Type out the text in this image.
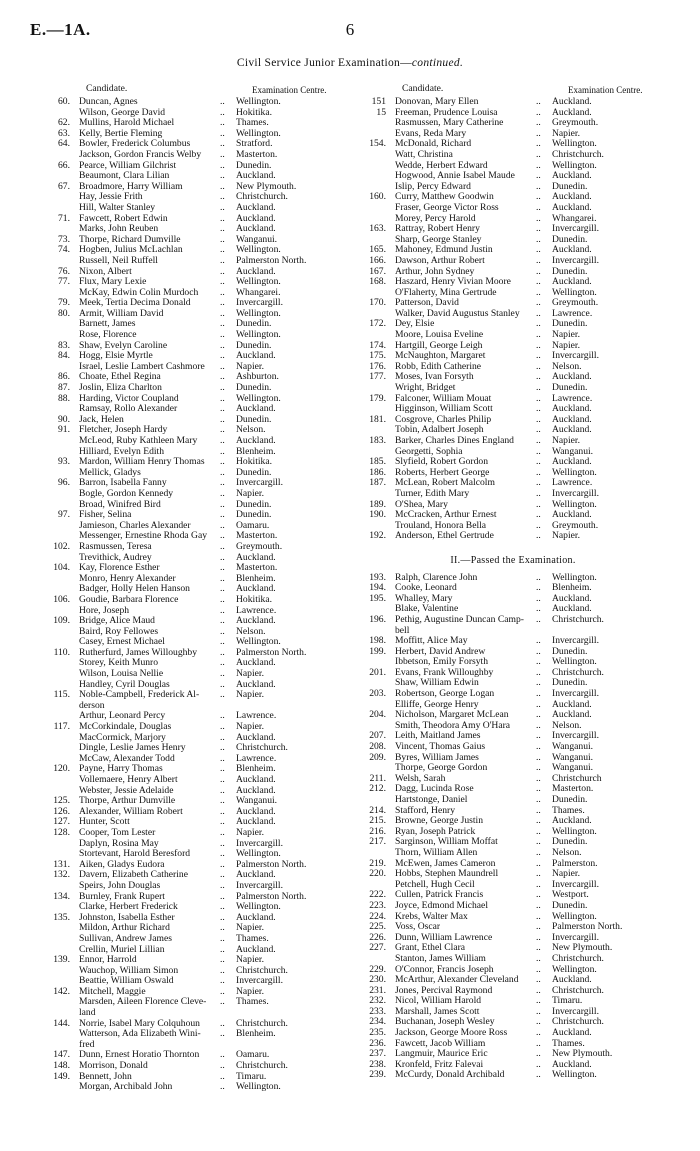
E.—1A.	6
Civil Service Junior Examination—continued.
Candidate.	Examination Centre.
60. Duncan, Agnes	Wellington.
..
Wilson, George David	Hokitika.
..
62. Mullins, Harold Michael	Thames.
..
63. Kelly, Bertie Fleming	Wellington.
..
64. Bowler, Frederick Columbus	Stratford.
..
Jackson, Gordon Francis Welby	Masterton.
..
66. Pearce, William Gilchrist	Dunedin.
..
Beaumont, Clara Lilian	Auckland.
..
67. Broadmore, Harry William	New Plymouth.
..
Hay, Jessie Frith	Christchurch.
..
Hill, Walter Stanley	Auckland.
..
71. Fawcett, Robert Edwin	Auckland.
..
Marks, John Reuben	Auckland.
..
73. Thorpe, Richard Dumville	Wanganui.
..
74. Hogben, Julius McLachlan	Wellington.
..
Russell, Neil Ruffell	Palmerston North.
..
76. Nixon, Albert	Auckland.
..
77. Flux, Mary Lexie	Wellington.
..
McKay, Edwin Colin Murdoch	Whangarei.
..
79. Meek, Tertia Decima Donald	Invercargill.
..
80. Armit, William David	Wellington.
..
Barnett, James	Dunedin.
..
Rose, Florence	Wellington.
..
83. Shaw, Evelyn Caroline	Dunedin.
..
84. Hogg, Elsie Myrtle	Auckland.
..
Israel, Leslie Lambert Cashmore	Napier.
..
86. Choate, Ethel Regina	Ashburton.
..
87. Joslin, Eliza Charlton	Dunedin.
..
88. Harding, Victor Coupland	Wellington.
..
Ramsay, Rollo Alexander	Auckland.
..
90. Jack, Helen	Dunedin.
..
91. Fletcher, Joseph Hardy	Nelson.
..
McLeod, Ruby Kathleen Mary	Auckland.
..
Hilliard, Evelyn Edith	Blenheim.
..
93. Mardon, William Henry Thomas	Hokitika.
..
Mellick, Gladys	Dunedin.
..
96. Barron, Isabella Fanny	Invercargill.
..
Bogle, Gordon Kennedy	Napier.
..
Broad, Winifred Bird	Dunedin.
..
97. Fisher, Selina	Dunedin.
..
Jamieson, Charles Alexander	Oamaru.
..
Messenger, Ernestine Rhoda Gay	Masterton.
..
102. Rasmussen, Teresa	Greymouth.
..
Trevithick, Audrey	Auckland.
..
104. Kay, Florence Esther	Masterton.
..
Monro, Henry Alexander	Blenheim.
..
Badger, Holly Helen Hanson	Auckland.
..
106. Goudie, Barbara Florence	Hokitika.
..
Hore, Joseph	Lawrence.
..
109. Bridge, Alice Maud	Auckland.
..
Baird, Roy Fellowes	Nelson.
..
Casey, Ernest Michael	Wellington.
..
110. Rutherfurd, James Willoughby	Palmerston North.
..
Storey, Keith Munro	Auckland.
..
Wilson, Louisa Nellie	Napier.
..
Handley, Cyril Douglas	Auckland.
..
115. Noble-Campbell, Frederick Al-	Napier.
..
derson
Arthur, Leonard Percy	Lawrence.
..
117. McCorkindale, Douglas	Napier.
..
MacCormick, Marjory	Auckland.
..
Dingle, Leslie James Henry	Christchurch.
..
McCaw, Alexander Todd	Lawrence.
..
120. Payne, Harry Thomas	Blenheim.
..
Vollemaere, Henry Albert	Auckland.
..
Webster, Jessie Adelaide	Auckland.
..
125. Thorpe, Arthur Dumville	Wanganui.
..
126. Alexander, William Robert	Auckland.
..
127. Hunter, Scott	Auckland.
..
128. Cooper, Tom Lester	Napier.
..
Daplyn, Rosina May	Invercargill.
..
Stortevant, Harold Beresford	Wellington.
..
131. Aiken, Gladys Eudora	Palmerston North.
..
132. Davern, Elizabeth Catherine	Auckland.
..
Speirs, John Douglas	Invercargill.
..
134. Burnley, Frank Rupert	Palmerston North.
..
Clarke, Herbert Frederick	Wellington.
..
135. Johnston, Isabella Esther	Auckland.
..
Mildon, Arthur Richard	Napier.
..
Sullivan, Andrew James	Thames.
..
Crellin, Muriel Lillian	Auckland.
..
139. Ennor, Harrold	Napier.
..
Wauchop, William Simon	Christchurch.
..
Beattie, William Oswald	Invercargill.
..
142. Mitchell, Maggie	Napier.
..
Marsden, Aileen Florence Cleve-	Thames.
..
land
144. Norrie, Isabel Mary Colquhoun	Christchurch.
..
Watterson, Ada Elizabeth Wini-	Blenheim.
..
fred
147. Dunn, Ernest Horatio Thornton	Oamaru.
..
148. Morrison, Donald	Christchurch.
..
149. Bennett, John	Timaru.
..
Morgan, Archibald John	Wellington.
..
Candidate.	Examination Centre.
151 Donovan, Mary Ellen	Auckland.
..
15 Freeman, Prudence Louisa	Auckland.
..
Rasmussen, Mary Catherine	Greymouth.
..
Evans, Reda Mary	Napier.
..
154. McDonald, Richard	Wellington.
..
Watt, Christina	Christchurch.
..
Wedde, Herbert Edward	Wellington.
..
Hogwood, Annie Isabel Maude	Auckland.
..
Islip, Percy Edward	Dunedin.
..
160. Curry, Matthew Goodwin	Auckland.
..
Fraser, George Victor Ross	Auckland.
..
Morey, Percy Harold	Whangarei.
..
163. Rattray, Robert Henry	Invercargill.
..
Sharp, George Stanley	Dunedin.
..
165. Mahoney, Edmund Justin	Auckland.
..
166. Dawson, Arthur Robert	Invercargill.
..
167. Arthur, John Sydney	Dunedin.
..
168. Haszard, Henry Vivian Moore	Auckland.
..
O'Flaherty, Mina Gertrude	Wellington.
..
170. Patterson, David	Greymouth.
..
Walker, David Augustus Stanley	Lawrence.
..
172. Dey, Elsie	Dunedin.
..
Moore, Louisa Eveline	Napier.
..
174. Hartgill, George Leigh	Napier.
..
175. McNaughton, Margaret	Invercargill.
..
176. Robb, Edith Catherine	Nelson.
..
177. Moses, Ivan Forsyth	Auckland.
..
Wright, Bridget	Dunedin.
..
179. Falconer, William Mouat	Lawrence.
..
Higginson, William Scott	Auckland.
..
181. Cosgrove, Charles Philip	Auckland.
..
Tobin, Adalbert Joseph	Auckland.
..
183. Barker, Charles Dines England	Napier.
..
Georgetti, Sophia	Wanganui.
..
185. Slyfield, Robert Gordon	Auckland.
..
186. Roberts, Herbert George	Wellington.
..
187. McLean, Robert Malcolm	Lawrence.
..
Turner, Edith Mary	Invercargill.
..
189. O'Shea, Mary	Wellington.
..
190. McCracken, Arthur Ernest	Auckland.
..
Trouland, Honora Bella	Greymouth.
..
192. Anderson, Ethel Gertrude	Napier.
..
II.—Passed the Examination.
193. Ralph, Clarence John	Wellington.
..
194. Cooke, Leonard	Blenheim.
..
195. Whalley, Mary	Auckland.
..
Blake, Valentine	Auckland.
..
196. Pethig, Augustine Duncan Camp-	Christchurch.
..
bell
198. Moffitt, Alice May	Invercargill.
..
199. Herbert, David Andrew	Dunedin.
..
Ibbetson, Emily Forsyth	Wellington.
..
201. Evans, Frank Willoughby	Christchurch.
..
Shaw, William Edwin	Dunedin.
..
203. Robertson, George Logan	Invercargill.
..
Elliffe, George Henry	Auckland.
..
204. Nicholson, Margaret McLean	Auckland.
..
Smith, Theodora Amy O'Hara	Nelson.
..
207. Leith, Maitland James	Invercargill.
..
208. Vincent, Thomas Gaius	Wanganui.
..
209. Byres, William James	Wanganui.
..
Thorpe, George Gordon	Wanganui.
..
211. Welsh, Sarah	Christchurch
..
212. Dagg, Lucinda Rose	Masterton.
..
Hartstonge, Daniel	Dunedin.
..
214. Stafford, Henry	Thames.
..
215. Browne, George Justin	Auckland.
..
216. Ryan, Joseph Patrick	Wellington.
..
217. Sarginson, William Moffat	Dunedin.
..
Thorn, William Allen	Nelson.
..
219. McEwen, James Cameron	Palmerston.
..
220. Hobbs, Stephen Maundrell	Napier.
..
Petchell, Hugh Cecil	Invercargill.
..
222. Cullen, Patrick Francis	Westport.
..
223. Joyce, Edmond Michael	Dunedin.
..
224. Krebs, Walter Max	Wellington.
..
225. Voss, Oscar	Palmerston North.
..
226. Dunn, William Lawrence	Invercargill.
..
227. Grant, Ethel Clara	New Plymouth.
..
Stanton, James William	Christchurch.
..
229. O'Connor, Francis Joseph	Wellington.
..
230. McArthur, Alexander Cleveland	Auckland.
..
231. Jones, Percival Raymond	Christchurch.
..
232. Nicol, William Harold	Timaru.
..
233. Marshall, James Scott	Invercargill.
..
234. Buchanan, Joseph Wesley	Christchurch.
..
235. Jackson, George Moore Ross	Auckland.
..
236. Fawcett, Jacob William	Thames.
..
237. Langmuir, Maurice Eric	New Plymouth.
..
238. Kronfeld, Fritz Falevai	Auckland.
..
239. McCurdy, Donald Archibald	Wellington.
..
